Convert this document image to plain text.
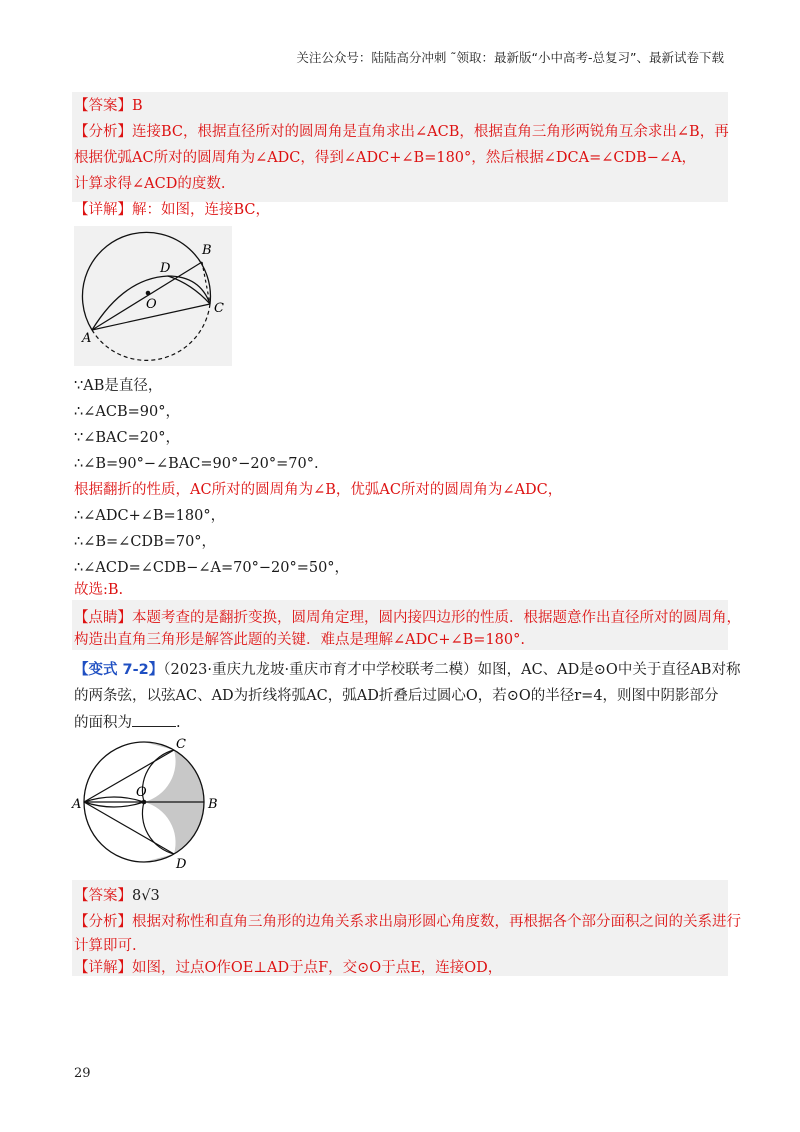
关注公众号：陆陆高分冲刺 ˜领取：最新版“小中高考-总复习”、最新试卷下载
【答案】B
【分析】连接BC，根据直径所对的圆周角是直角求出∠ACB，根据直角三角形两锐角互余求出∠B，再
根据优弧AC所对的圆周角为∠ADC，得到∠ADC+∠B=180°，然后根据∠DCA=∠CDB−∠A，
计算求得∠ACD的度数.
【详解】解：如图，连接BC，
A
B
C
D
O
∵AB是直径，
∴∠ACB=90°，
∵∠BAC=20°，
∴∠B=90°−∠BAC=90°−20°=70°.
根据翻折的性质，AC所对的圆周角为∠B，优弧AC所对的圆周角为∠ADC，
∴∠ADC+∠B=180°，
∴∠B=∠CDB=70°，
∴∠ACD=∠CDB−∠A=70°−20°=50°，
故选:B.
【点睛】本题考查的是翻折变换，圆周角定理，圆内接四边形的性质．根据题意作出直径所对的圆周角，
构造出直角三角形是解答此题的关键．难点是理解∠ADC+∠B=180°.
【变式 7-2】（2023·重庆九龙坡·重庆市育才中学校联考二模）如图，AC、AD是⊙O中关于直径AB对称
的两条弦，以弦AC、AD为折线将弧AC，弧AD折叠后过圆心O，若⊙O的半径r=4，则图中阴影部分
的面积为	.
A	B
C
D
O
【答案】8√3
【分析】根据对称性和直角三角形的边角关系求出扇形圆心角度数，再根据各个部分面积之间的关系进行
计算即可.
【详解】如图，过点O作OE⊥AD于点F，交⊙O于点E，连接OD，
29
